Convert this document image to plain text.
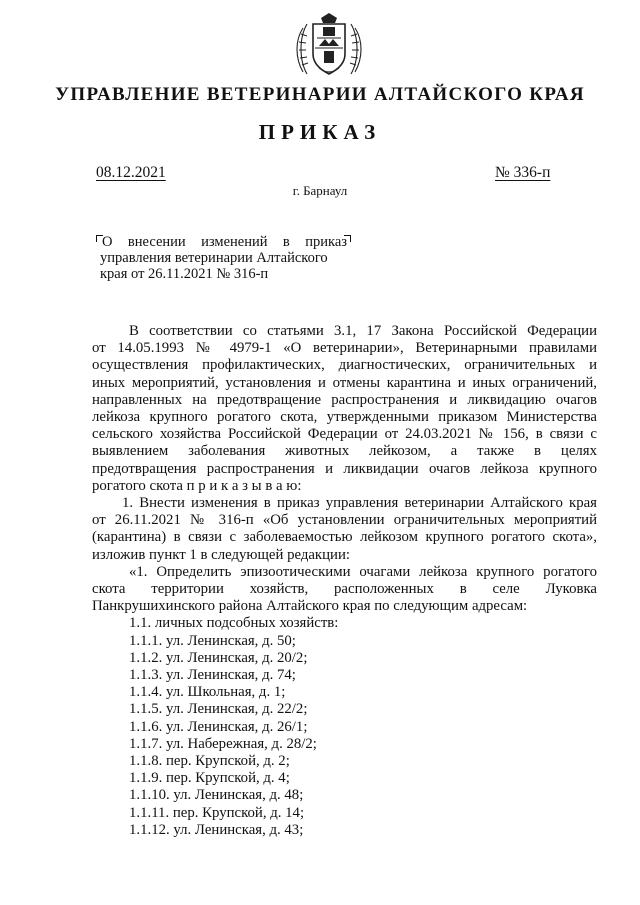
УПРАВЛЕНИЕ ВЕТЕРИНАРИИ АЛТАЙСКОГО КРАЯ
ПРИКАЗ
08.12.2021	№ 336-п
г. Барнаул
О внесении изменений в приказ
управления ветеринарии Алтайского
края от 26.11.2021 № 316-п
В соответствии со статьями 3.1, 17 Закона Российской Федерации
от 14.05.1993 № 4979-1 «О ветеринарии», Ветеринарными правилами
осуществления профилактических, диагностических, ограничительных и
иных мероприятий, установления и отмены карантина и иных ограничений,
направленных на предотвращение распространения и ликвидацию очагов
лейкоза крупного рогатого скота, утвержденными приказом Министерства
сельского хозяйства Российской Федерации от 24.03.2021 № 156, в связи с
выявлением заболевания животных лейкозом, а также в целях
предотвращения распространения и ликвидации очагов лейкоза крупного
рогатого скота п р и к а з ы в а ю:
1. Внести изменения в приказ управления ветеринарии Алтайского края
от 26.11.2021 № 316-п «Об установлении ограничительных мероприятий
(карантина) в связи с заболеваемостью лейкозом крупного рогатого скота»,
изложив пункт 1 в следующей редакции:
«1. Определить эпизоотическими очагами лейкоза крупного рогатого
скота территории хозяйств, расположенных в селе Луковка
Панкрушихинского района Алтайского края по следующим адресам:
1.1. личных подсобных хозяйств:
1.1.1. ул. Ленинская, д. 50;
1.1.2. ул. Ленинская, д. 20/2;
1.1.3. ул. Ленинская, д. 74;
1.1.4. ул. Школьная, д. 1;
1.1.5. ул. Ленинская, д. 22/2;
1.1.6. ул. Ленинская, д. 26/1;
1.1.7. ул. Набережная, д. 28/2;
1.1.8. пер. Крупской, д. 2;
1.1.9. пер. Крупской, д. 4;
1.1.10. ул. Ленинская, д. 48;
1.1.11. пер. Крупской, д. 14;
1.1.12. ул. Ленинская, д. 43;
